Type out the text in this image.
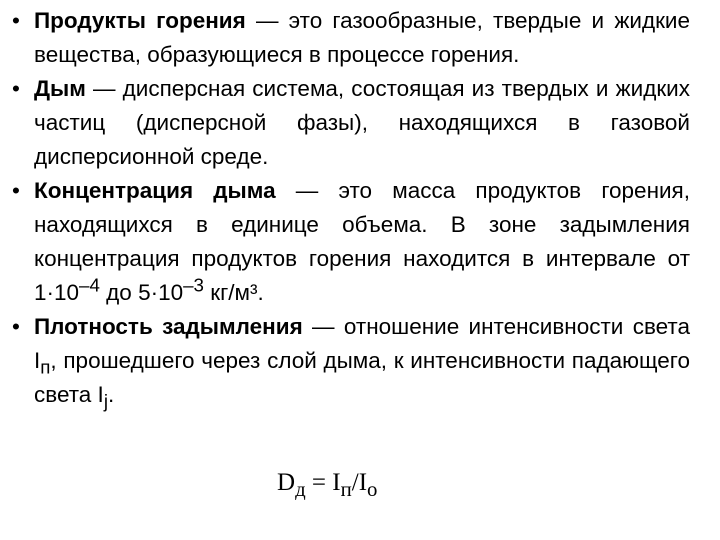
• Продукты горения — это газообразные, твердые и жидкие вещества, образующиеся в процессе горения.
• Дым — дисперсная система, состоящая из твердых и жидких частиц (дисперсной фазы), находящихся в газовой дисперсионной среде.
• Концентрация дыма — это масса продуктов горения, находящихся в единице объема. В зоне задымления концентрация продуктов горения находится в интервале от $1\cdot 10^{-4}$ до $5\cdot 10^{-3}$ кг/м³.
• Плотность задымления — отношение интенсивности света $I_п$, прошедшего через слой дыма, к интенсивности падающего света $I_j$.
$D_д = I_п/I_o$
